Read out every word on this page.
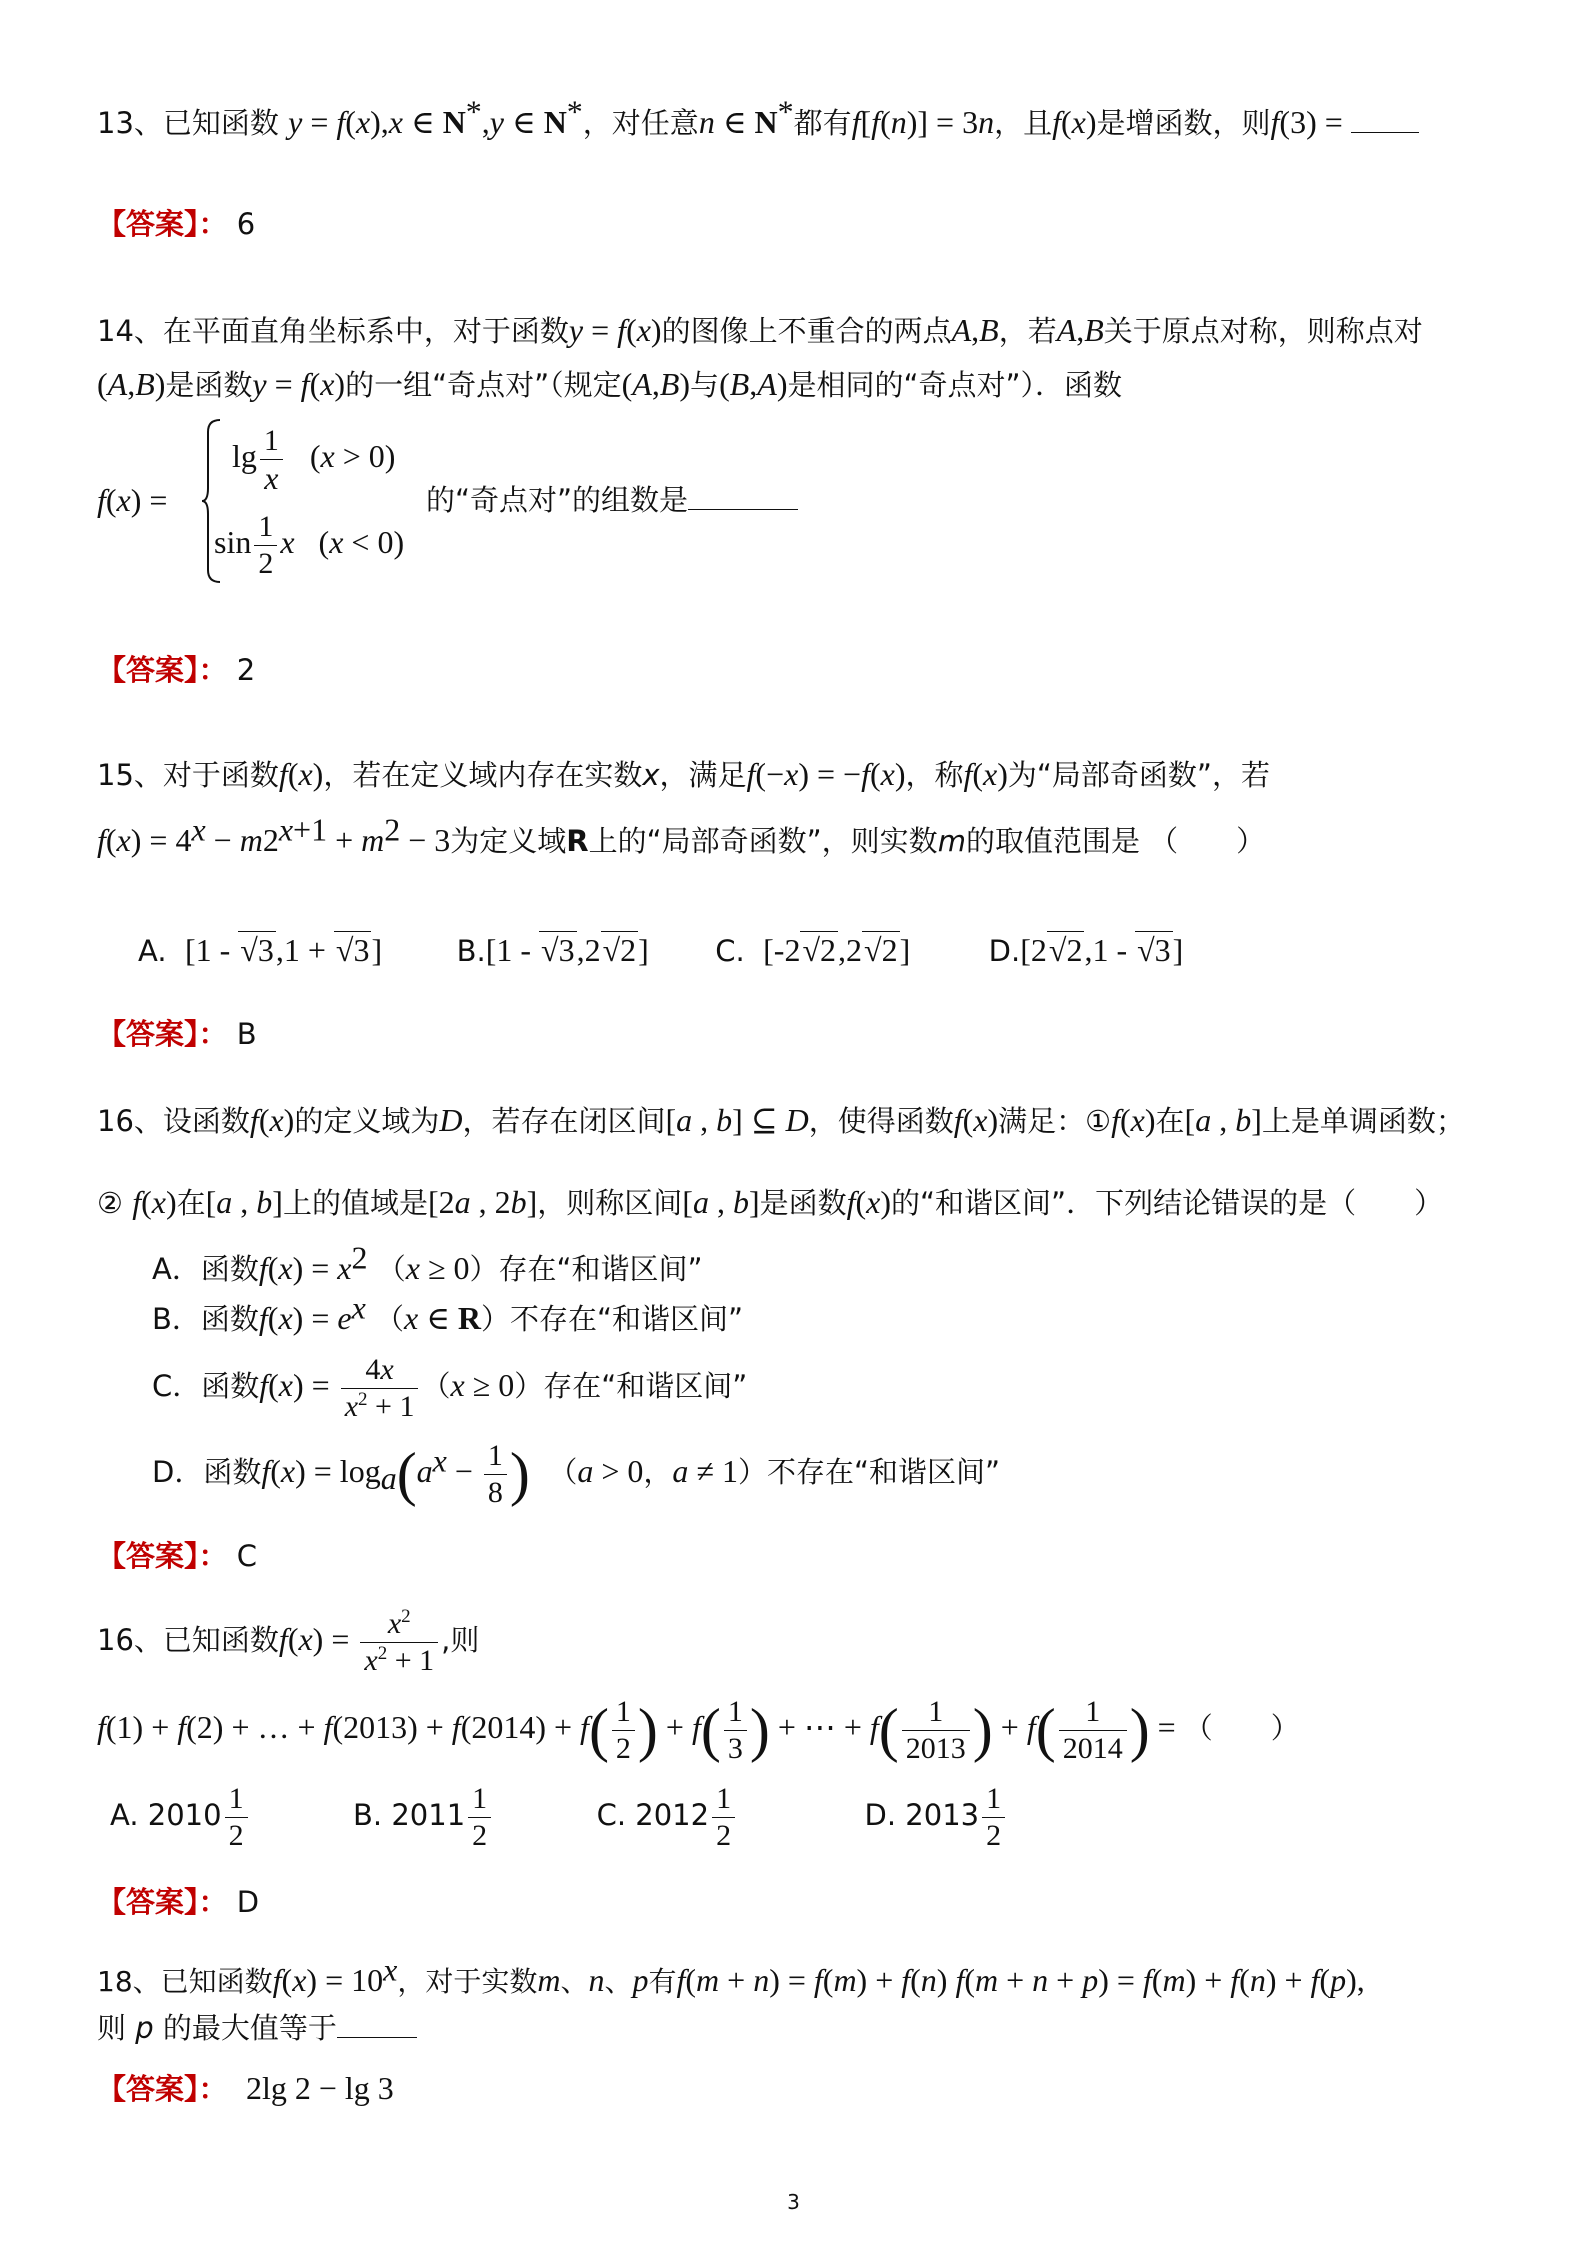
13、已知函数 y = f(x),x ∈ N*,y ∈ N*，对任意n ∈ N*都有f[f(n)] = 3n，且f(x)是增函数，则f(3) =
【答案】： 6
14、在平面直角坐标系中，对于函数y = f(x)的图像上不重合的两点A,B，若A,B关于原点对称，则称点对
(A,B)是函数y = f(x)的一组“奇点对”（规定(A,B)与(B,A)是相同的“奇点对”）．函数
f(x) =
$\lg \frac{1}{x} (x > 0)$
$\sin \frac{1}{2}$ x   (x < 0)
的“奇点对”的组数是
【答案】： 2
15、对于函数f(x)，若在定义域内存在实数x，满足f(−x) = −f(x)，称f(x)为“局部奇函数”，若
$f(x) = 4^x - m2^{x+1} + m^2 - 3$为定义域R上的“局部奇函数”，则实数m的取值范围是 （　　）
A. [1 - √3,1 + √3]	B.[1 - √3,2√2] C. [-2√2,2√2]	D.[2√2,1 - √3]
【答案】： B
16、设函数f(x)的定义域为D，若存在闭区间[a , b] ⊆ D，使得函数f(x)满足：①f(x)在[a , b]上是单调函数；
② f(x)在[a , b]上的值域是[2a , 2b]，则称区间[a , b]是函数f(x)的“和谐区间”．下列结论错误的是（　　）
A．函数$f(x) = x^2$ （x ≥ 0）存在“和谐区间”
B．函数$f(x) = e^x$ （x ∈ R）不存在“和谐区间”
C．函数$f(x) = \frac{4x}{x^2 + 1} (x \ge 0)$存在“和谐区间”
D．函数$f(x) = \log_a(a^x - \frac{1}{8}$ ) （a > 0，a ≠ 1）不存在“和谐区间”
【答案】： C
16、已知函数$f(x) = \frac{x^2}{x^2 + 1}$ ,则
f(1) + f(2) + … + $f(2013) + f(2014) + f( \frac{1}{2}$ ) + $f( \frac{1}{3}$ ) + ⋯ + $f( \frac{1}{2013}$ ) + $f( \frac{1}{2014}$ ) = （　　）
A. $2010 \frac{1}{2}$	B. $2011 \frac{1}{2}$	C. $2012 \frac{1}{2}$	D. $2013 \frac{1}{2}$
【答案】： D
18、已知函数$f(x) = 10^x$，对于实数m、n、p有f(m + n) = f(m) + f(n) f(m + n + p) = f(m) + f(n) + f(p),
则 p 的最大值等于
【答案】： 2lg 2 − lg 3
3
